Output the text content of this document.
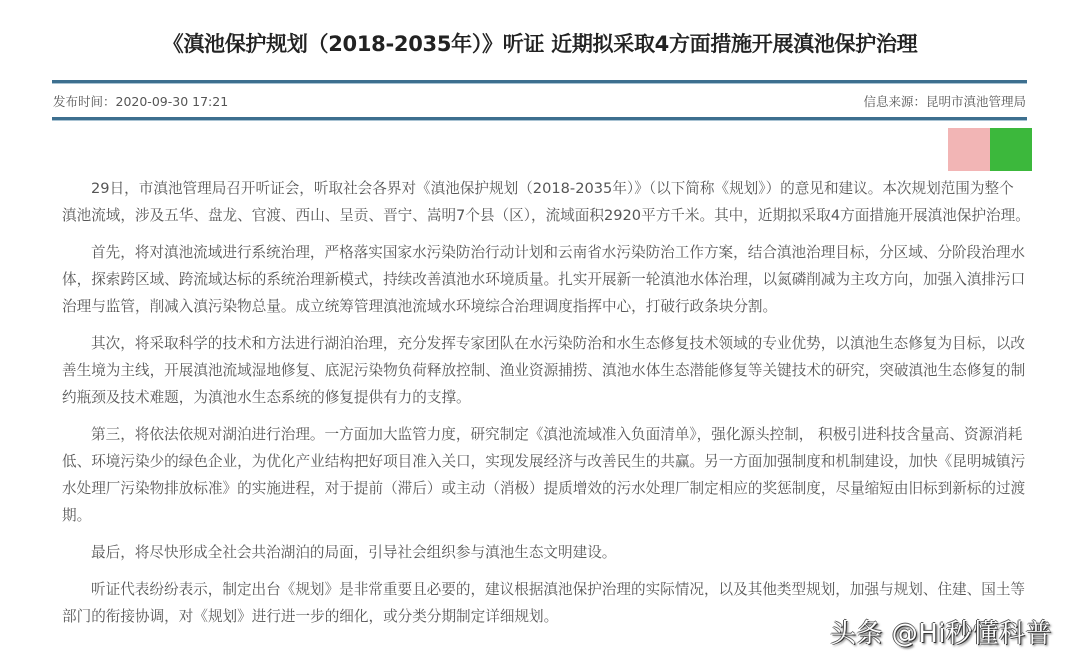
《滇池保护规划（2018-2035年）》听证 近期拟采取4方面措施开展滇池保护治理
发布时间：2020-09-30 17:21	信息来源：昆明市滇池管理局
29日，市滇池管理局召开听证会，听取社会各界对《滇池保护规划（2018-2035年）》（以下简称《规划》）的意见和建议。本次规划范围为整个
滇池流域，涉及五华、盘龙、官渡、西山、呈贡、晋宁、嵩明7个县（区），流域面积2920平方千米。其中，近期拟采取4方面措施开展滇池保护治理。
首先，将对滇池流域进行系统治理，严格落实国家水污染防治行动计划和云南省水污染防治工作方案，结合滇池治理目标，分区域、分阶段治理水
体，探索跨区域、跨流域达标的系统治理新模式，持续改善滇池水环境质量。扎实开展新一轮滇池水体治理，以氮磷削减为主攻方向，加强入滇排污口
治理与监管，削减入滇污染物总量。成立统筹管理滇池流域水环境综合治理调度指挥中心，打破行政条块分割。
其次，将采取科学的技术和方法进行湖泊治理，充分发挥专家团队在水污染防治和水生态修复技术领域的专业优势，以滇池生态修复为目标，以改
善生境为主线，开展滇池流域湿地修复、底泥污染物负荷释放控制、渔业资源捕捞、滇池水体生态潜能修复等关键技术的研究，突破滇池生态修复的制
约瓶颈及技术难题，为滇池水生态系统的修复提供有力的支撑。
第三，将依法依规对湖泊进行治理。一方面加大监管力度，研究制定《滇池流域准入负面清单》，强化源头控制， 积极引进科技含量高、资源消耗
低、环境污染少的绿色企业，为优化产业结构把好项目准入关口，实现发展经济与改善民生的共赢。另一方面加强制度和机制建设，加快《昆明城镇污
水处理厂污染物排放标准》的实施进程，对于提前（滞后）或主动（消极）提质增效的污水处理厂制定相应的奖惩制度，尽量缩短由旧标到新标的过渡
期。
最后，将尽快形成全社会共治湖泊的局面，引导社会组织参与滇池生态文明建设。
听证代表纷纷表示，制定出台《规划》是非常重要且必要的，建议根据滇池保护治理的实际情况，以及其他类型规划，加强与规划、住建、国土等
部门的衔接协调，对《规划》进行进一步的细化，或分类分期制定详细规划。
头条 @Hi秒懂科普
